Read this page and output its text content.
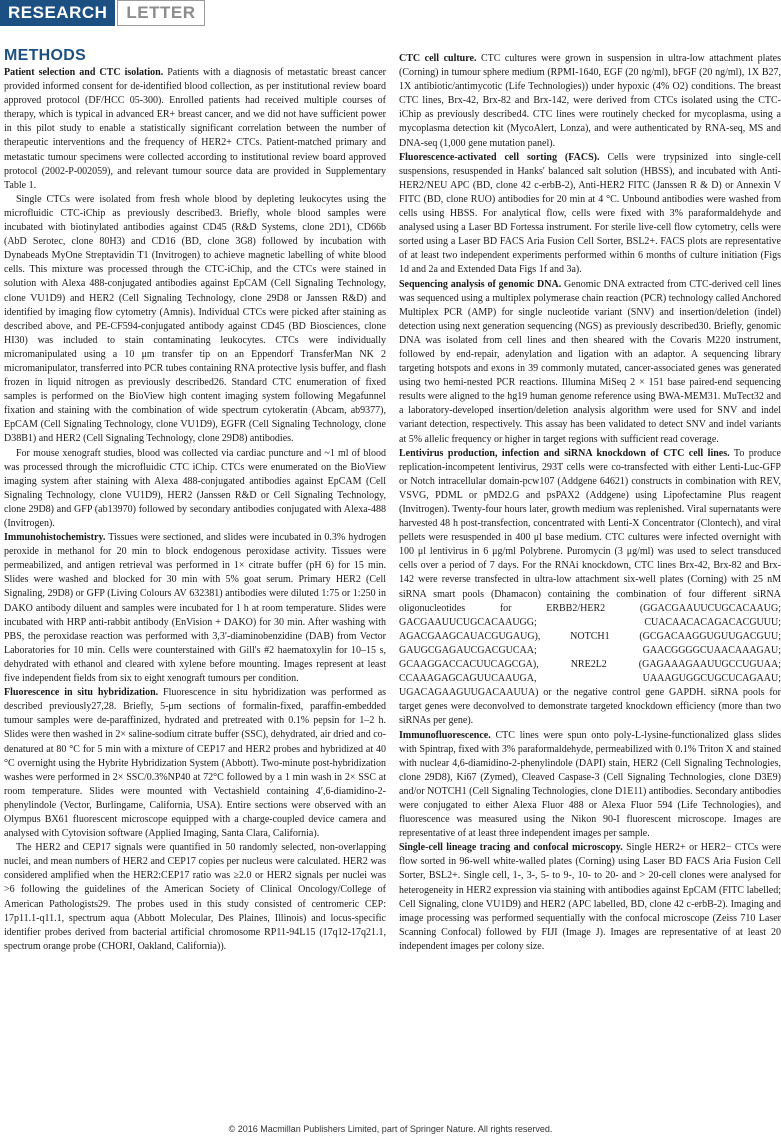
RESEARCH	LETTER
METHODS

Patient selection and CTC isolation. Patients with a diagnosis of metastatic breast cancer provided informed consent for de-identified blood collection, as per institutional review board approved protocol (DF/HCC 05-300). Enrolled patients had received multiple courses of therapy, which is typical in advanced ER+ breast cancer, and we did not have sufficient power in this pilot study to enable a statistically significant correlation between the number of therapeutic interventions and the frequency of HER2+ CTCs. Patient-matched primary and metastatic tumour specimens were collected according to institutional review board approved protocol (2002-P-002059), and relevant tumour source data are provided in Supplementary Table 1.

Single CTCs were isolated from fresh whole blood by depleting leukocytes using the microfluidic CTC-iChip as previously described3. Briefly, whole blood samples were incubated with biotinylated antibodies against CD45 (R&D Systems, clone 2D1), CD66b (AbD Serotec, clone 80H3) and CD16 (BD, clone 3G8) followed by incubation with Dynabeads MyOne Streptavidin T1 (Invitrogen) to achieve magnetic labelling of white blood cells. This mixture was processed through the CTC-iChip, and the CTCs were stained in solution with Alexa 488-conjugated antibodies against EpCAM (Cell Signaling Technology, clone VU1D9) and HER2 (Cell Signaling Technology, clone 29D8 or Janssen R&D) and identified by imaging flow cytometry (Amnis). Individual CTCs were picked after staining as described above, and PE-CF594-conjugated antibody against CD45 (BD Biosciences, clone HI30) was included to stain contaminating leukocytes. CTCs were individually micromanipulated using a 10 μm transfer tip on an Eppendorf TransferMan NK 2 micromanipulator, transferred into PCR tubes containing RNA protective lysis buffer, and flash frozen in liquid nitrogen as previously described26. Standard CTC enumeration of fixed samples is performed on the BioView high content imaging system following Megafunnel fixation and staining with the combination of wide spectrum cytokeratin (Abcam, ab9377), EpCAM (Cell Signaling Technology, clone VU1D9), EGFR (Cell Signaling Technology, clone D38B1) and HER2 (Cell Signaling Technology, clone 29D8) antibodies.

For mouse xenograft studies, blood was collected via cardiac puncture and ~1 ml of blood was processed through the microfluidic CTC iChip. CTCs were enumerated on the BioView imaging system after staining with Alexa 488-conjugated antibodies against EpCAM (Cell Signaling Technology, clone VU1D9), HER2 (Janssen R&D or Cell Signaling Technology, clone 29D8) and GFP (ab13970) followed by secondary antibodies conjugated with Alexa-488 (Invitrogen).

Immunohistochemistry. Tissues were sectioned, and slides were incubated in 0.3% hydrogen peroxide in methanol for 20 min to block endogenous peroxidase activity. Tissues were permeabilized, and antigen retrieval was performed in 1× citrate buffer (pH 6) for 15 min. Slides were washed and blocked for 30 min with 5% goat serum. Primary HER2 (Cell Signaling, 29D8) or GFP (Living Colours AV 632381) antibodies were diluted 1:75 or 1:250 in DAKO antibody diluent and samples were incubated for 1 h at room temperature. Slides were incubated with HRP anti-rabbit antibody (EnVision + DAKO) for 30 min. After washing with PBS, the peroxidase reaction was performed with 3,3′-diaminobenzidine (DAB) from Vector Laboratories for 10 min. Cells were counterstained with Gill's #2 haematoxylin for 10–15 s, dehydrated with ethanol and cleared with xylene before mounting. Images represent at least five independent fields from six to eight xenograft tumours per condition.

Fluorescence in situ hybridization. Fluorescence in situ hybridization was performed as described previously27,28. Briefly, 5-μm sections of formalin-fixed, paraffin-embedded tumour samples were de-paraffinized, hydrated and pretreated with 0.1% pepsin for 1–2 h. Slides were then washed in 2× saline-sodium citrate buffer (SSC), dehydrated, air dried and co-denatured at 80 °C for 5 min with a mixture of CEP17 and HER2 probes and hybridized at 40 °C overnight using the Hybrite Hybridization System (Abbott). Two-minute post-hybridization washes were performed in 2× SSC/0.3%NP40 at 72°C followed by a 1 min wash in 2× SSC at room temperature. Slides were mounted with Vectashield containing 4′,6-diamidino-2-phenylindole (Vector, Burlingame, California, USA). Entire sections were observed with an Olympus BX61 fluorescent microscope equipped with a charge-coupled device camera and analysed with Cytovision software (Applied Imaging, Santa Clara, California).

The HER2 and CEP17 signals were quantified in 50 randomly selected, non-overlapping nuclei, and mean numbers of HER2 and CEP17 copies per nucleus were calculated. HER2 was considered amplified when the HER2:CEP17 ratio was ≥2.0 or HER2 signals per nuclei was >6 following the guidelines of the American Society of Clinical Oncology/College of American Pathologists29. The probes used in this study consisted of centromeric CEP: 17p11.1-q11.1, spectrum aqua (Abbott Molecular, Des Plaines, Illinois) and locus-specific identifier probes derived from bacterial artificial chromosome RP11-94L15 (17q12-17q21.1, spectrum orange probe (CHORI, Oakland, California)).

CTC cell culture. CTC cultures were grown in suspension in ultra-low attachment plates (Corning) in tumour sphere medium (RPMI-1640, EGF (20 ng/ml), bFGF (20 ng/ml), 1X B27, 1X antibiotic/antimycotic (Life Technologies)) under hypoxic (4% O2) conditions. The breast CTC lines, Brx-42, Brx-82 and Brx-142, were derived from CTCs isolated using the CTC-iChip as previously described4. CTC lines were routinely checked for mycoplasma, using a mycoplasma detection kit (MycoAlert, Lonza), and were authenticated by RNA-seq, MS and DNA-seq (1,000 gene mutation panel).

Fluorescence-activated cell sorting (FACS). Cells were trypsinized into single-cell suspensions, resuspended in Hanks' balanced salt solution (HBSS), and incubated with Anti-HER2/NEU APC (BD, clone 42 c-erbB-2), Anti-HER2 FITC (Janssen R & D) or Annexin V FITC (BD, clone RUO) antibodies for 20 min at 4 °C. Unbound antibodies were washed from cells using HBSS. For analytical flow, cells were fixed with 3% paraformaldehyde and analysed using a Laser BD Fortessa instrument. For sterile live-cell flow cytometry, cells were sorted using a Laser BD FACS Aria Fusion Cell Sorter, BSL2+. FACS plots are representative of at least two independent experiments performed within 6 months of culture initiation (Figs 1d and 2a and Extended Data Figs 1f and 3a).

Sequencing analysis of genomic DNA. Genomic DNA extracted from CTC-derived cell lines was sequenced using a multiplex polymerase chain reaction (PCR) technology called Anchored Multiplex PCR (AMP) for single nucleotide variant (SNV) and insertion/deletion (indel) detection using next generation sequencing (NGS) as previously described30. Briefly, genomic DNA was isolated from cell lines and then sheared with the Covaris M220 instrument, followed by end-repair, adenylation and ligation with an adaptor. A sequencing library targeting hotspots and exons in 39 commonly mutated, cancer-associated genes was generated using two hemi-nested PCR reactions. Illumina MiSeq 2 × 151 base paired-end sequencing results were aligned to the hg19 human genome reference using BWA-MEM31. MuTect32 and a laboratory-developed insertion/deletion analysis algorithm were used for SNV and indel variant detection, respectively. This assay has been validated to detect SNV and indel variants at 5% allelic frequency or higher in target regions with sufficient read coverage.

Lentivirus production, infection and siRNA knockdown of CTC cell lines. To produce replication-incompetent lentivirus, 293T cells were co-transfected with either Lenti-Luc-GFP or Notch intracellular domain-pcw107 (Addgene 64621) constructs in combination with REV, VSVG, PDML or pMD2.G and psPAX2 (Addgene) using Lipofectamine Plus reagent (Invitrogen). Twenty-four hours later, growth medium was replenished. Viral supernatants were harvested 48 h post-transfection, concentrated with Lenti-X Concentrator (Clontech), and viral pellets were resuspended in 400 μl base medium. CTC cultures were infected overnight with 100 μl lentivirus in 6 μg/ml Polybrene. Puromycin (3 μg/ml) was used to select transduced cells over a period of 7 days. For the RNAi knockdown, CTC lines Brx-42, Brx-82 and Brx-142 were reverse transfected in ultra-low attachment six-well plates (Corning) with 25 nM siRNA smart pools (Dhamacon) containing the combination of four different siRNA oligonucleotides for ERBB2/HER2 (GGACGAAUUCUGCACAAUG; GACGAAUUCUGCACAAUGG; CUACAACACAGACACGUUU; AGACGAAGCAUACGUGAUG), NOTCH1 (GCGACAAGGUGUUGACGUU; GAUGCGAGAUCGACGUCAA; GAACGGGGCUAACAAAGAU; GCAAGGACCACUUCAGCGA), NRE2L2 (GAGAAAGAAUUGCCUGUAA; CCAAAGAGCAGUUCAAUGA, UAAAGUGGCUGCUCAGAAU; UGACAGAAGUUGACAAUUA) or the negative control gene GAPDH. siRNA pools for target genes were deconvolved to demonstrate targeted knockdown efficiency (more than two siRNAs per gene).

Immunofluorescence. CTC lines were spun onto poly-L-lysine-functionalized glass slides with Spintrap, fixed with 3% paraformaldehyde, permeabilized with 0.1% Triton X and stained with nuclear 4,6-diamidino-2-phenylindole (DAPI) stain, HER2 (Cell Signaling Technologies, clone 29D8), Ki67 (Zymed), Cleaved Caspase-3 (Cell Signaling Technologies, clone D3E9) and/or NOTCH1 (Cell Signaling Technologies, clone D1E11) antibodies. Secondary antibodies were conjugated to either Alexa Fluor 488 or Alexa Fluor 594 (Life Technologies), and fluorescence was measured using the Nikon 90-I fluorescent microscope. Images are representative of at least three independent images per sample.

Single-cell lineage tracing and confocal microscopy. Single HER2+ or HER2− CTCs were flow sorted in 96-well white-walled plates (Corning) using Laser BD FACS Aria Fusion Cell Sorter, BSL2+. Single cell, 1-, 3-, 5- to 9-, 10- to 20- and > 20-cell clones were analysed for heterogeneity in HER2 expression via staining with antibodies against EpCAM (FITC labelled; Cell Signaling, clone VU1D9) and HER2 (APC labelled, BD, clone 42 c-erbB-2). Imaging and image processing was performed sequentially with the confocal microscope (Zeiss 710 Laser Scanning Confocal) followed by FIJI (Image J). Images are representative of at least 20 independent images per colony size.

© 2016 Macmillan Publishers Limited, part of Springer Nature. All rights reserved.
